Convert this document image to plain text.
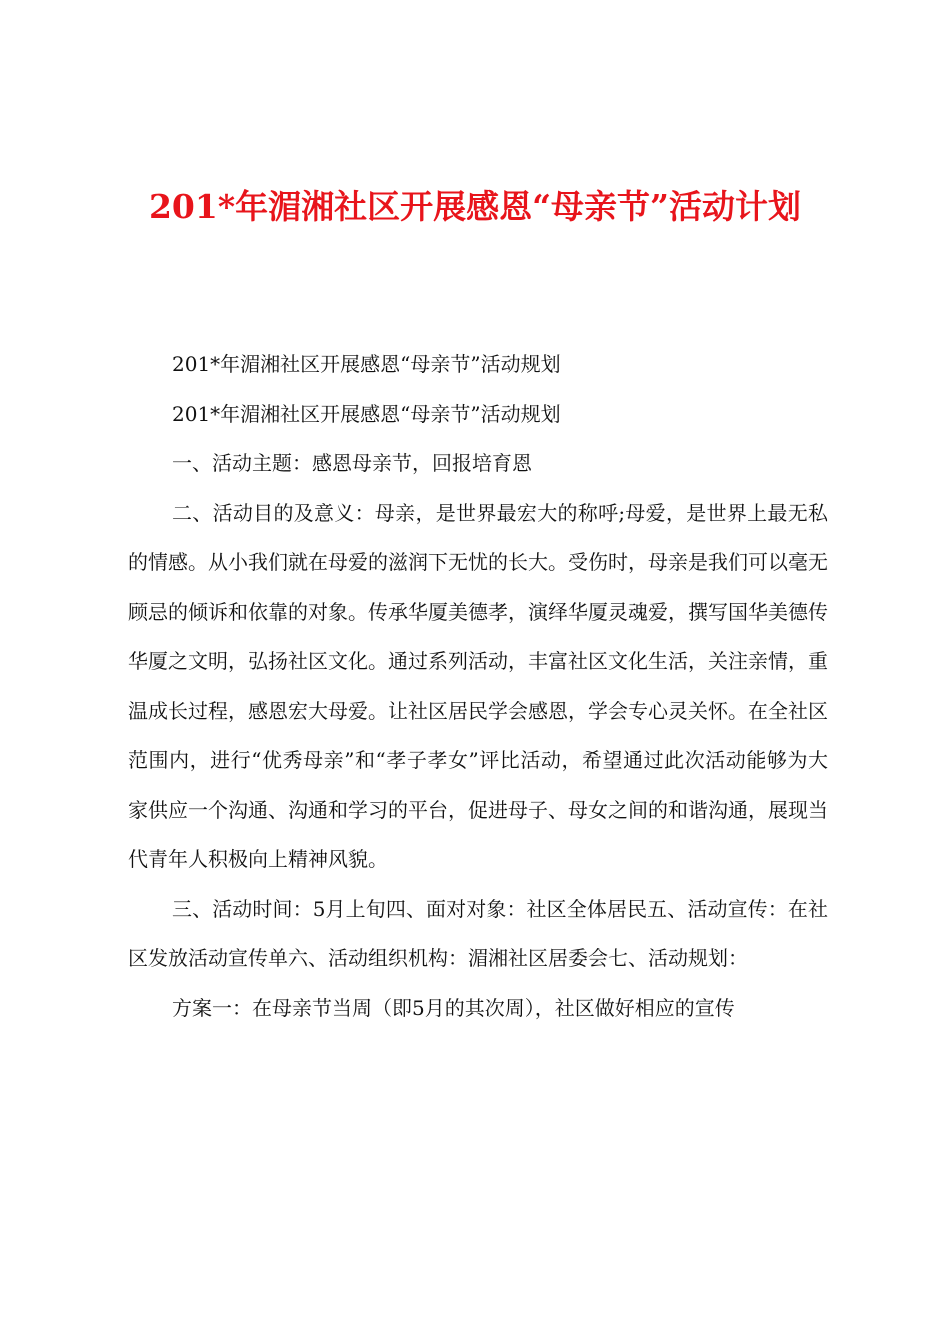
201*年湄湘社区开展感恩“母亲节”活动计划

201*年湄湘社区开展感恩“母亲节”活动规划

201*年湄湘社区开展感恩“母亲节”活动规划

一、活动主题：感恩母亲节，回报培育恩

二、活动目的及意义：母亲，是世界最宏大的称呼;母爱，是世界上最无私的情感。从小我们就在母爱的滋润下无忧的长大。受伤时，母亲是我们可以毫无顾忌的倾诉和依靠的对象。传承华厦美德孝，演绎华厦灵魂爱，撰写国华美德传华厦之文明，弘扬社区文化。通过系列活动，丰富社区文化生活，关注亲情，重温成长过程，感恩宏大母爱。让社区居民学会感恩，学会专心灵关怀。在全社区范围内，进行“优秀母亲”和“孝子孝女”评比活动，希望通过此次活动能够为大家供应一个沟通、沟通和学习的平台，促进母子、母女之间的和谐沟通，展现当代青年人积极向上精神风貌。

三、活动时间：5月上旬四、面对对象：社区全体居民五、活动宣传：在社区发放活动宣传单六、活动组织机构：湄湘社区居委会七、活动规划：

方案一：在母亲节当周（即5月的其次周），社区做好相应的宣传
